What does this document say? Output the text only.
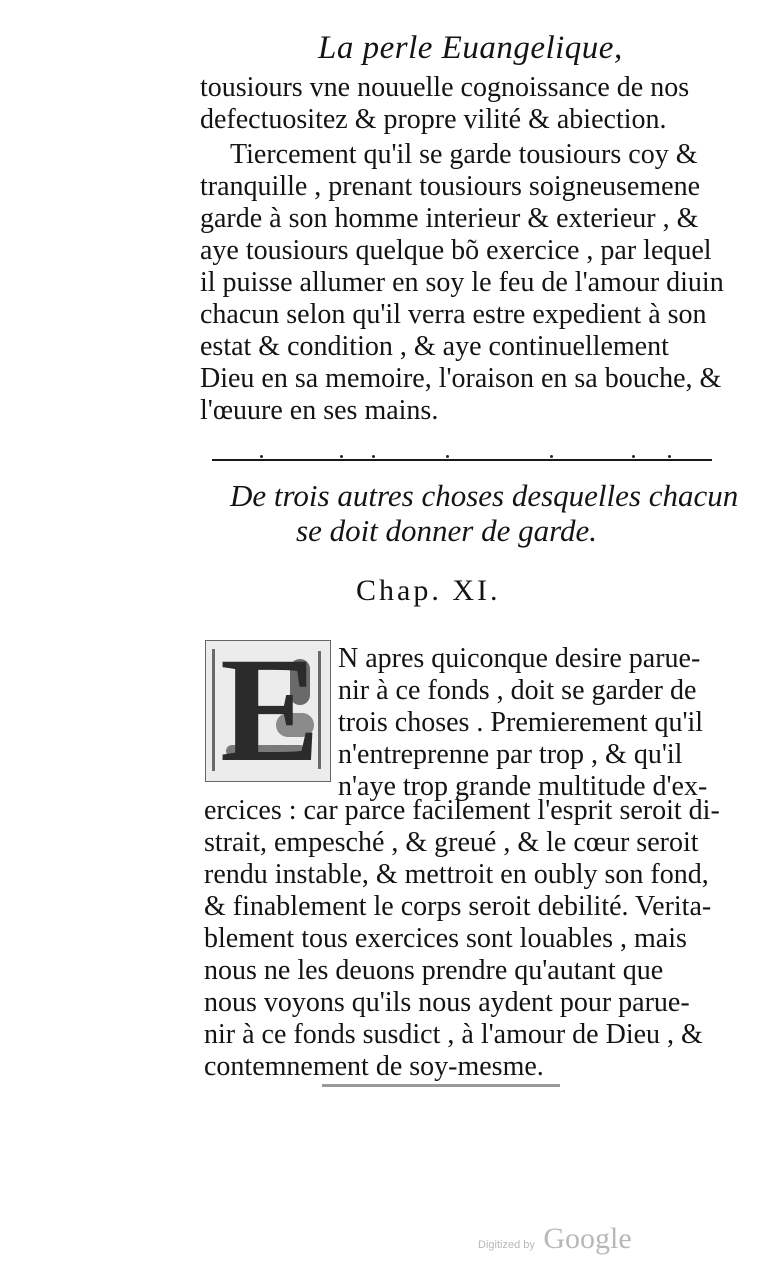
La perle Euangelique,
tousiours vne nouuelle cognoissance de nos
defectuositez & propre vilité & abiection.
Tiercement qu'il se garde tousiours coy &
tranquille , prenant tousiours soigneusemene
garde à son homme interieur & exterieur , &
aye tousiours quelque bõ exercice , par lequel
il puisse allumer en soy le feu de l'amour diuin
chacun selon qu'il verra estre expedient à son
estat & condition , & aye continuellement
Dieu en sa memoire, l'oraison en sa bouche, &
l'œuure en ses mains.
De trois autres choses desquelles chacun
se doit donner de garde.
Chap. XI.
E N apres quiconque desire parue-
nir à ce fonds , doit se garder de
trois choses . Premierement qu'il
n'entreprenne par trop , & qu'il
n'aye trop grande multitude d'ex-
ercices : car parce facilement l'esprit seroit di-
strait, empesché , & greué , & le cœur seroit
rendu instable, & mettroit en oubly son fond,
& finablement le corps seroit debilité. Verita-
blement tous exercices sont louables , mais
nous ne les deuons prendre qu'autant que
nous voyons qu'ils nous aydent pour parue-
nir à ce fonds susdict , à l'amour de Dieu , &
contemnement de soy-mesme.
Digitized by Google
